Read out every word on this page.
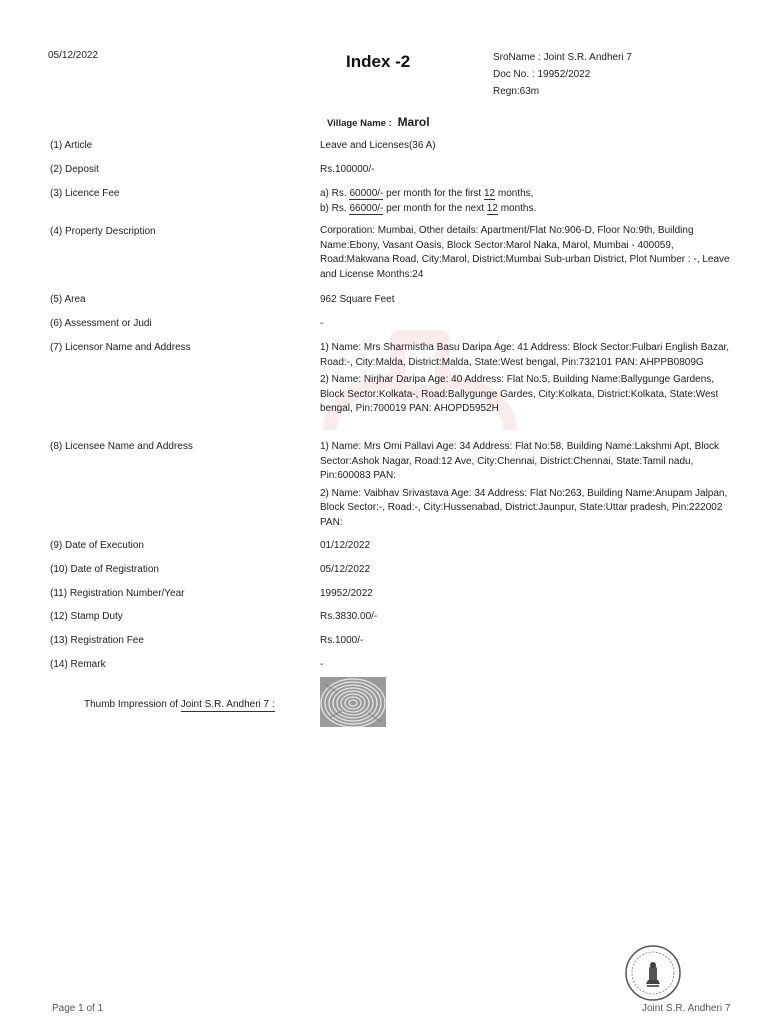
05/12/2022	Index -2	SroName : Joint S.R. Andheri 7
Doc No. : 19952/2022
Regn:63m
Village Name : Marol
(1) Article	Leave and Licenses(36 A)
(2) Deposit	Rs.100000/-
(3) Licence Fee	a) Rs. 60000/- per month for the first 12 months,
b) Rs. 66000/- per month for the next 12 months.
(4) Property Description	Corporation: Mumbai, Other details: Apartment/Flat No:906-D, Floor No:9th, Building Name:Ebony, Vasant Oasis, Block Sector:Marol Naka, Marol, Mumbai - 400059, Road:Makwana Road, City:Marol, District:Mumbai Sub-urban District, Plot Number : -, Leave and License Months:24
(5) Area	962 Square Feet
(6) Assessment or Judi	-
(7) Licensor Name and Address	1) Name: Mrs Sharmistha Basu Daripa Age: 41 Address: Block Sector:Fulbari English Bazar, Road:-, City:Malda, District:Malda, State:West bengal, Pin:732101 PAN: AHPPB0809G
2) Name: Nirjhar Daripa Age: 40 Address: Flat No:5, Building Name:Ballygunge Gardens, Block Sector:Kolkata-, Road:Ballygunge Gardes, City:Kolkata, District:Kolkata, State:West bengal, Pin:700019 PAN: AHOPD5952H
(8) Licensee Name and Address	1) Name: Mrs Omi Pallavi Age: 34 Address: Flat No:58, Building Name:Lakshmi Apt, Block Sector:Ashok Nagar, Road:12 Ave, City:Chennai, District:Chennai, State:Tamil nadu, Pin:600083 PAN:
2) Name: Vaibhav Srivastava Age: 34 Address: Flat No:263, Building Name:Anupam Jalpan, Block Sector:-, Road:-, City:Hussenabad, District:Jaunpur, State:Uttar pradesh, Pin:222002 PAN:
(9) Date of Execution	01/12/2022
(10) Date of Registration	05/12/2022
(11) Registration Number/Year	19952/2022
(12) Stamp Duty	Rs.3830.00/-
(13) Registration Fee	Rs.1000/-
(14) Remark	-
Thumb Impression of Joint S.R. Andheri 7 :
Page 1 of 1	Joint S.R. Andheri 7
